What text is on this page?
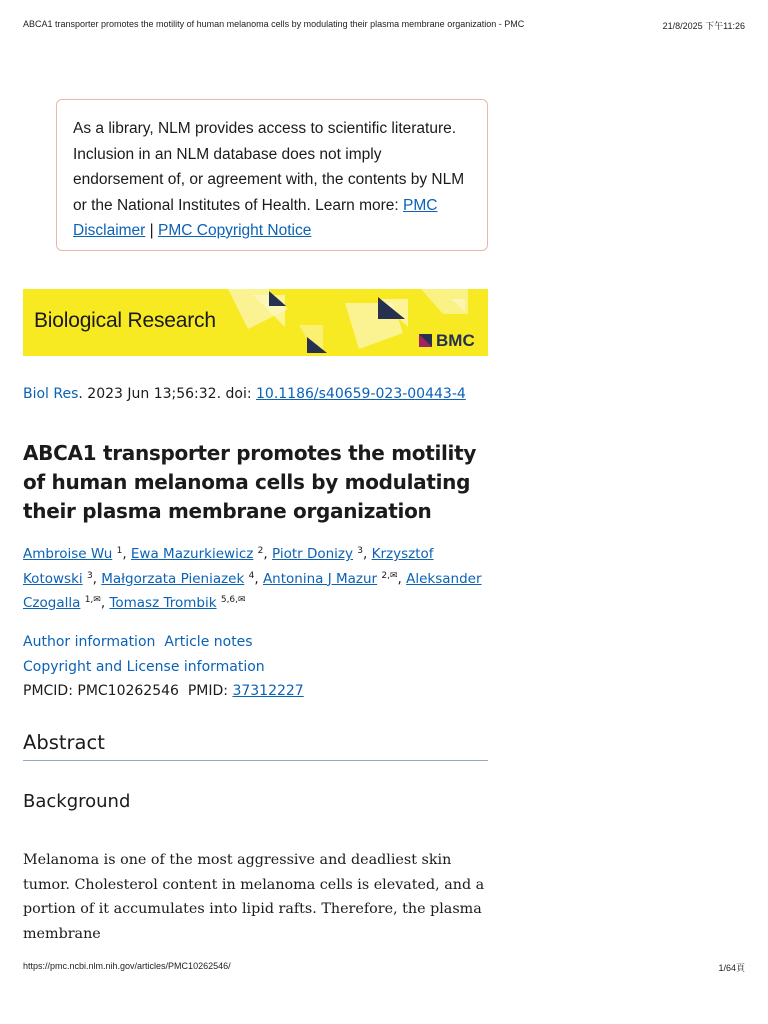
ABCA1 transporter promotes the motility of human melanoma cells by modulating their plasma membrane organization - PMC	21/8/2025 下午11:26
As a library, NLM provides access to scientific literature. Inclusion in an NLM database does not imply endorsement of, or agreement with, the contents by NLM or the National Institutes of Health. Learn more: PMC Disclaimer | PMC Copyright Notice
Biological Research
BMC
Biol Res. 2023 Jun 13;56:32. doi: 10.1186/s40659-023-00443-4
ABCA1 transporter promotes the motility of human melanoma cells by modulating their plasma membrane organization
Ambroise Wu $^1$, Ewa Mazurkiewicz $^2$, Piotr Donizy $^3$, Krzysztof Kotowski $^3$, Małgorzata Pieniazek $^4$, Antonina J Mazur $^{2,✉}$, Aleksander Czogalla $^{1,✉}$, Tomasz Trombik $^{5,6,✉}$
Author information Article notes
Copyright and License information
PMCID: PMC10262546 PMID: 37312227
Abstract
Background

Melanoma is one of the most aggressive and deadliest skin tumor. Cholesterol content in melanoma cells is elevated, and a portion of it accumulates into lipid rafts. Therefore, the plasma membrane

https://pmc.ncbi.nlm.nih.gov/articles/PMC10262546/	1/64頁
